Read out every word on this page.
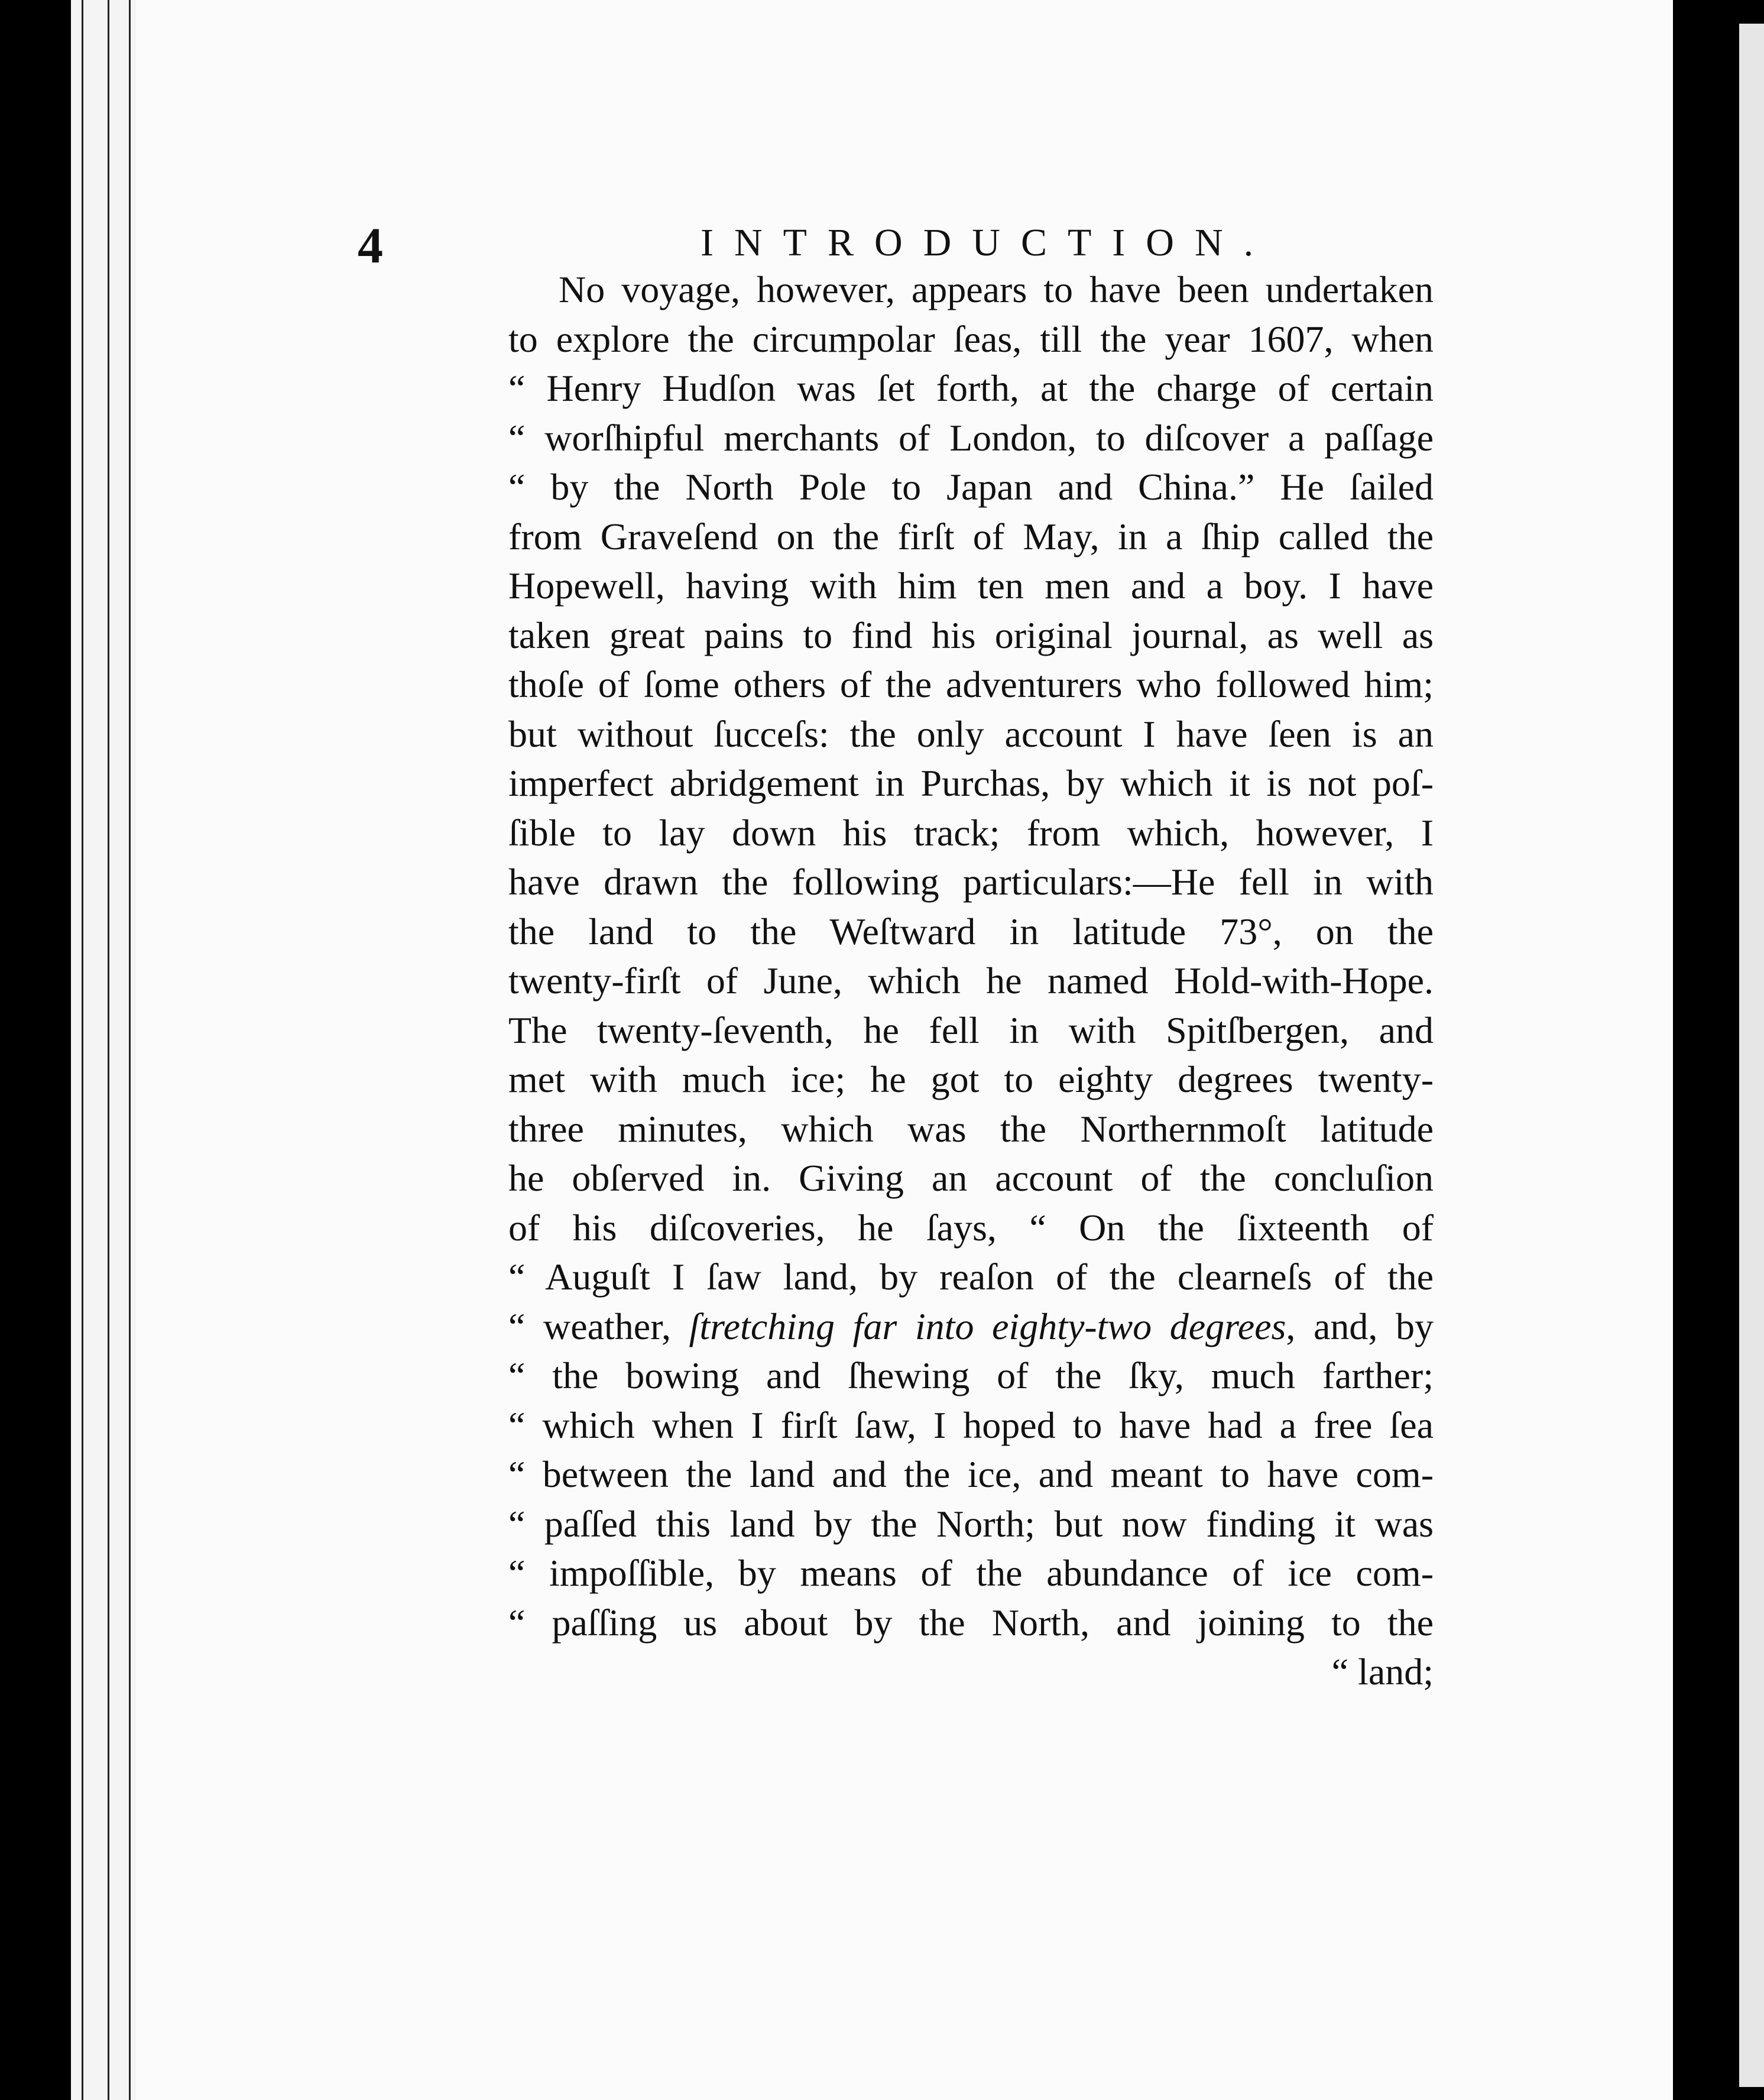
4	INTRODUCTION.
No voyage, however, appears to have been undertaken
to explore the circumpolar ſeas, till the year 1607, when
“ Henry Hudſon was ſet forth, at the charge of certain
“ worſhipful merchants of London, to diſcover a paſſage
“ by the North Pole to Japan and China.” He ſailed
from Graveſend on the firſt of May, in a ſhip called the
Hopewell, having with him ten men and a boy. I have
taken great pains to find his original journal, as well as
thoſe of ſome others of the adventurers who followed him;
but without ſucceſs: the only account I have ſeen is an
imperfect abridgement in Purchas, by which it is not poſ-
ſible to lay down his track; from which, however, I
have drawn the following particulars:—He fell in with
the land to the Weſtward in latitude 73°, on the
twenty-firſt of June, which he named Hold-with-Hope.
The twenty-ſeventh, he fell in with Spitſbergen, and
met with much ice; he got to eighty degrees twenty-
three minutes, which was the Northernmoſt latitude
he obſerved in. Giving an account of the concluſion
of his diſcoveries, he ſays, “ On the ſixteenth of
“ Auguſt I ſaw land, by reaſon of the clearneſs of the
“ weather, ſtretching far into eighty-two degrees, and, by
“ the bowing and ſhewing of the ſky, much farther;
“ which when I firſt ſaw, I hoped to have had a free ſea
“ between the land and the ice, and meant to have com-
“ paſſed this land by the North; but now finding it was
“ impoſſible, by means of the abundance of ice com-
“ paſſing us about by the North, and joining to the
“ land;
